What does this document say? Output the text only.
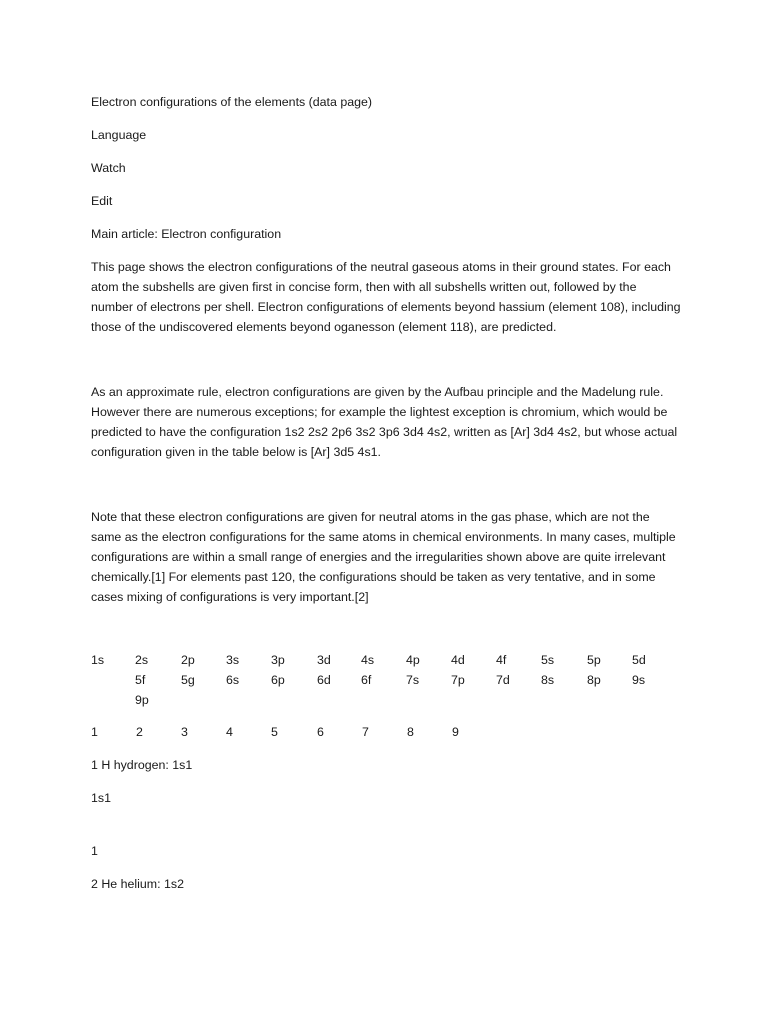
Electron configurations of the elements (data page)

Language

Watch

Edit

Main article: Electron configuration

This page shows the electron configurations of the neutral gaseous atoms in their ground states. For each atom the subshells are given first in concise form, then with all subshells written out, followed by the number of electrons per shell. Electron configurations of elements beyond hassium (element 108), including those of the undiscovered elements beyond oganesson (element 118), are predicted.

As an approximate rule, electron configurations are given by the Aufbau principle and the Madelung rule. However there are numerous exceptions; for example the lightest exception is chromium, which would be predicted to have the configuration 1s2 2s2 2p6 3s2 3p6 3d4 4s2, written as [Ar] 3d4 4s2, but whose actual configuration given in the table below is [Ar] 3d5 4s1.

Note that these electron configurations are given for neutral atoms in the gas phase, which are not the same as the electron configurations for the same atoms in chemical environments. In many cases, multiple configurations are within a small range of energies and the irregularities shown above are quite irrelevant chemically.[1] For elements past 120, the configurations should be taken as very tentative, and in some cases mixing of configurations is very important.[2]

1s 2s	2p	3s	3p	3d 4s	4p	4d	4f	5s	5p	5d
5f	5g	6s	6p	6d 6f	7s	7p	7d	8s	8p	9s
9p
1	2	3	4	5	6	7	8	9

1 H hydrogen: 1s1

1s1

1

2 He helium: 1s2
